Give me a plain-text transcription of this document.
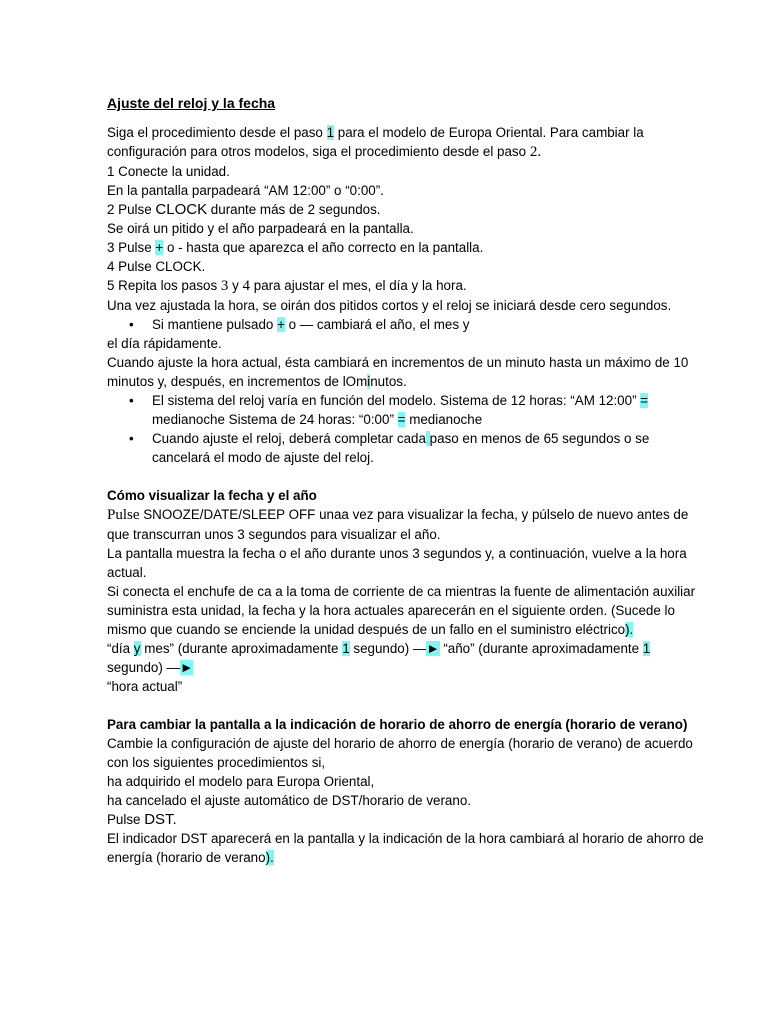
Ajuste del reloj y la fecha

Siga el procedimiento desde el paso 1 para el modelo de Europa Oriental. Para cambiar la configuración para otros modelos, siga el procedimiento desde el paso 2.

1 Conecte la unidad.

En la pantalla parpadeará “AM 12:00” o “0:00”.

2 Pulse CLOCK durante más de 2 segundos.

Se oirá un pitido y el año parpadeará en la pantalla.

3 Pulse + o - hasta que aparezca el año correcto en la pantalla.

4 Pulse CLOCK.

5 Repita los pasos 3 y 4 para ajustar el mes, el día y la hora.

Una vez ajustada la hora, se oirán dos pitidos cortos y el reloj se iniciará desde cero segundos.

• Si mantiene pulsado + o — cambiará el año, el mes y

el día rápidamente.

Cuando ajuste la hora actual, ésta cambiará en incrementos de un minuto hasta un máximo de 10 minutos y, después, en incrementos de lOminutos.

• El sistema del reloj varía en función del modelo. Sistema de 12 horas: “AM 12:00” = medianoche Sistema de 24 horas: “0:00” = medianoche
• Cuando ajuste el reloj, deberá completar cada paso en menos de 65 segundos o se cancelará el modo de ajuste del reloj.
Cómo visualizar la fecha y el año

Pulse SNOOZE/DATE/SLEEP OFF unaa vez para visualizar la fecha, y púlselo de nuevo antes de que transcurran unos 3 segundos para visualizar el año.

La pantalla muestra la fecha o el año durante unos 3 segundos y, a continuación, vuelve a la hora actual.

Si conecta el enchufe de ca a la toma de corriente de ca mientras la fuente de alimentación auxiliar suministra esta unidad, la fecha y la hora actuales aparecerán en el siguiente orden. (Sucede lo mismo que cuando se enciende la unidad después de un fallo en el suministro eléctrico).

“día y mes” (durante aproximadamente 1 segundo) —► “año” (durante aproximadamente 1 segundo) —►

“hora actual”

Para cambiar la pantalla a la indicación de horario de ahorro de energía (horario de verano)

Cambie la configuración de ajuste del horario de ahorro de energía (horario de verano) de acuerdo con los siguientes procedimientos si,

ha adquirido el modelo para Europa Oriental,

ha cancelado el ajuste automático de DST/horario de verano.

Pulse DST.

El indicador DST aparecerá en la pantalla y la indicación de la hora cambiará al horario de ahorro de energía (horario de verano).
